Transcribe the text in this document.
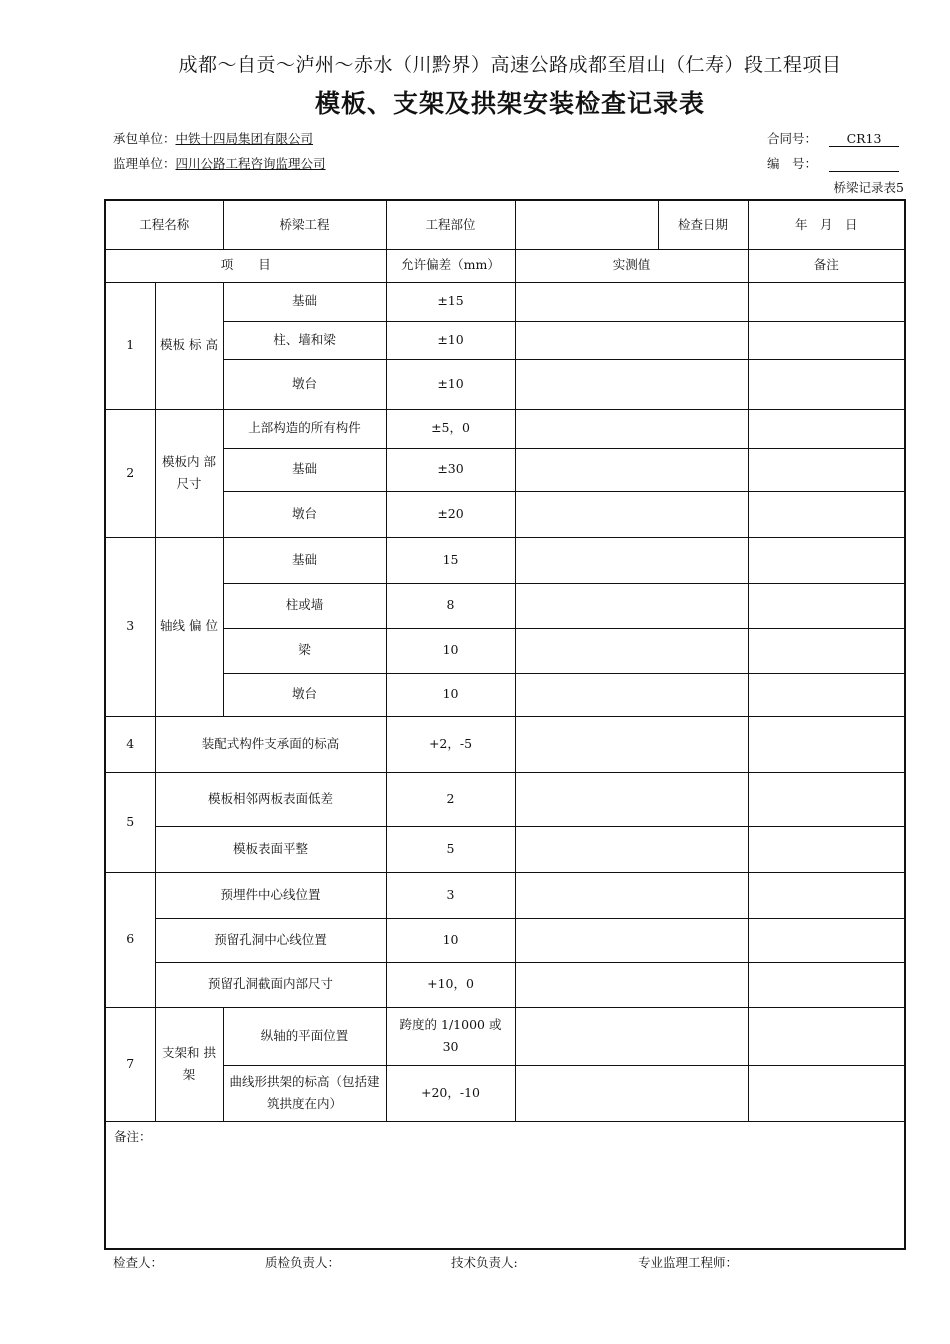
成都～自贡～泸州～赤水（川黔界）高速公路成都至眉山（仁寿）段工程项目
模板、支架及拱架安装检查记录表
承包单位：中铁十四局集团有限公司
监理单位：四川公路工程咨询监理公司
合同号： CR13
编　号：
桥梁记录表5
工程名称		桥梁工程	工程部位		检查日期	年　月　日
项　　目			允许偏差（mm）	实测值		备注
1	模板 标 高	基础	±15			
		柱、墙和梁	±10			
		墩台	±10			
2	模板内 部尺寸	上部构造的所有构件	±5，0			
		基础	±30			
		墩台	±20			
3	轴线 偏 位	基础	15			
		柱或墙	8			
		梁	10			
		墩台	10			
4	装配式构件支承面的标高		+2，-5			
5	模板相邻两板表面低差		2			
	模板表面平整		5			
6	预埋件中心线位置		3			
	预留孔洞中心线位置		10			
	预留孔洞截面内部尺寸		+10，0			
7	支架和 拱架	纵轴的平面位置	跨度的 1/1000 或 30			
		曲线形拱架的标高（包括建筑拱度在内）	+20，-10			
备注：						
检查人：	质检负责人：	技术负责人:	专业监理工程师：
